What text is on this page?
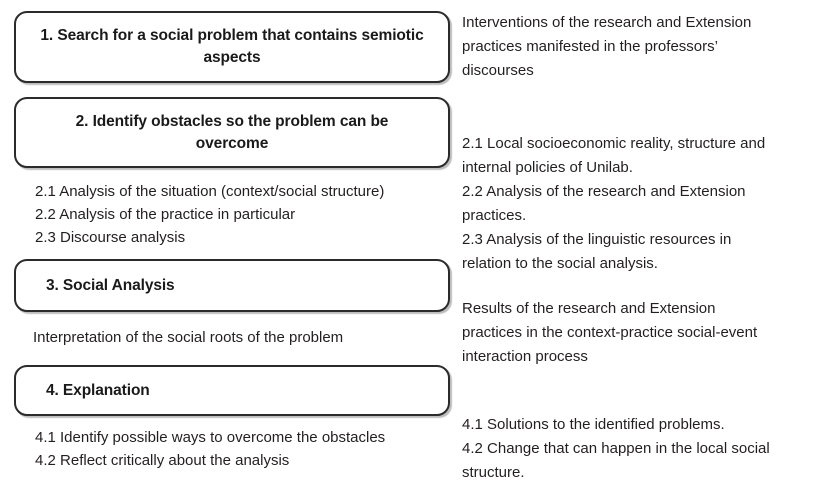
1. Search for a social problem that contains semiotic aspects
2. Identify obstacles so the problem can be overcome
2.1 Analysis of the situation (context/social structure)
2.2 Analysis of the practice in particular
2.3 Discourse analysis
3. Social Analysis
Interpretation of the social roots of the problem
4. Explanation
4.1 Identify possible ways to overcome the obstacles
4.2 Reflect critically about the analysis

Interventions of the research and Extension

practices manifested in the professors’

discourses

2.1 Local socioeconomic reality, structure and

internal policies of Unilab.

2.2 Analysis of the research and Extension

practices.

2.3 Analysis of the linguistic resources in

relation to the social analysis.

Results of the research and Extension

practices in the context-practice social-event

interaction process

4.1 Solutions to the identified problems.

4.2 Change that can happen in the local social

structure.
